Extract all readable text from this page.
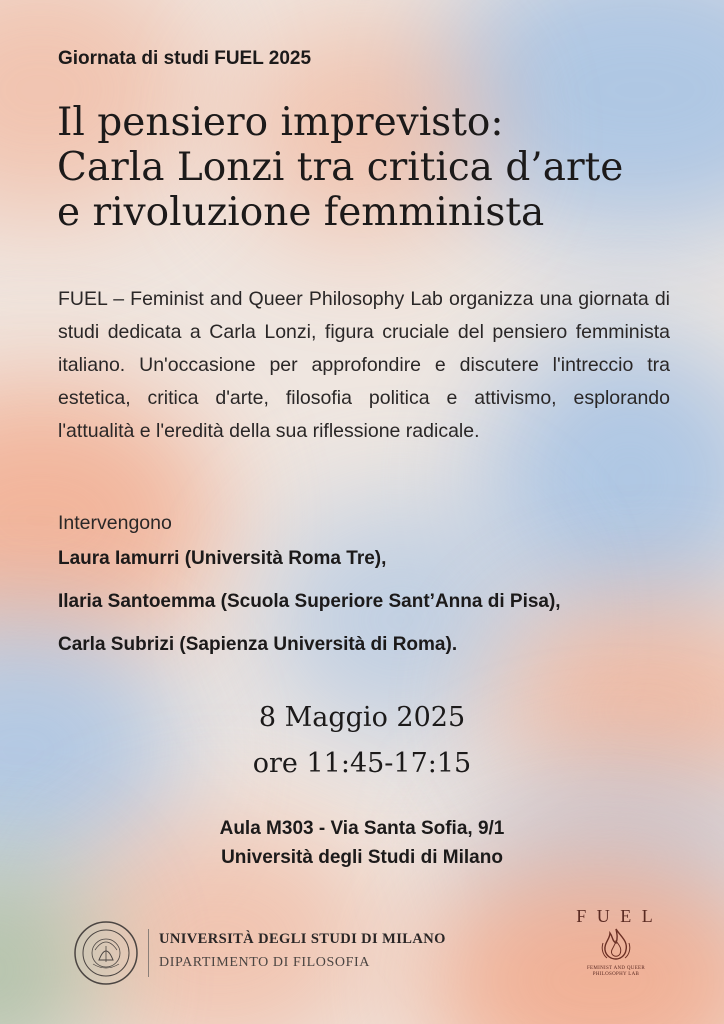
Giornata di studi FUEL 2025
Il pensiero imprevisto:
Carla Lonzi tra critica d’arte
e rivoluzione femminista

FUEL – Feminist and Queer Philosophy Lab organizza una giornata di studi dedicata a Carla Lonzi, figura cruciale del pensiero femminista italiano. Un'occasione per approfondire e discutere l'intreccio tra estetica, critica d'arte, filosofia politica e attivismo, esplorando l'attualità e l'eredità della sua riflessione radicale.

Intervengono
Laura Iamurri (Università Roma Tre),
Ilaria Santoemma (Scuola Superiore Sant’Anna di Pisa),
Carla Subrizi (Sapienza Università di Roma).
8 Maggio 2025
ore 11:45-17:15
Aula M303 - Via Santa Sofia, 9/1
Università degli Studi di Milano
UNIVERSITÀ DEGLI STUDI DI MILANO
DIPARTIMENTO DI FILOSOFIA
F U E L
FEMINIST AND QUEER
PHILOSOPHY LAB
